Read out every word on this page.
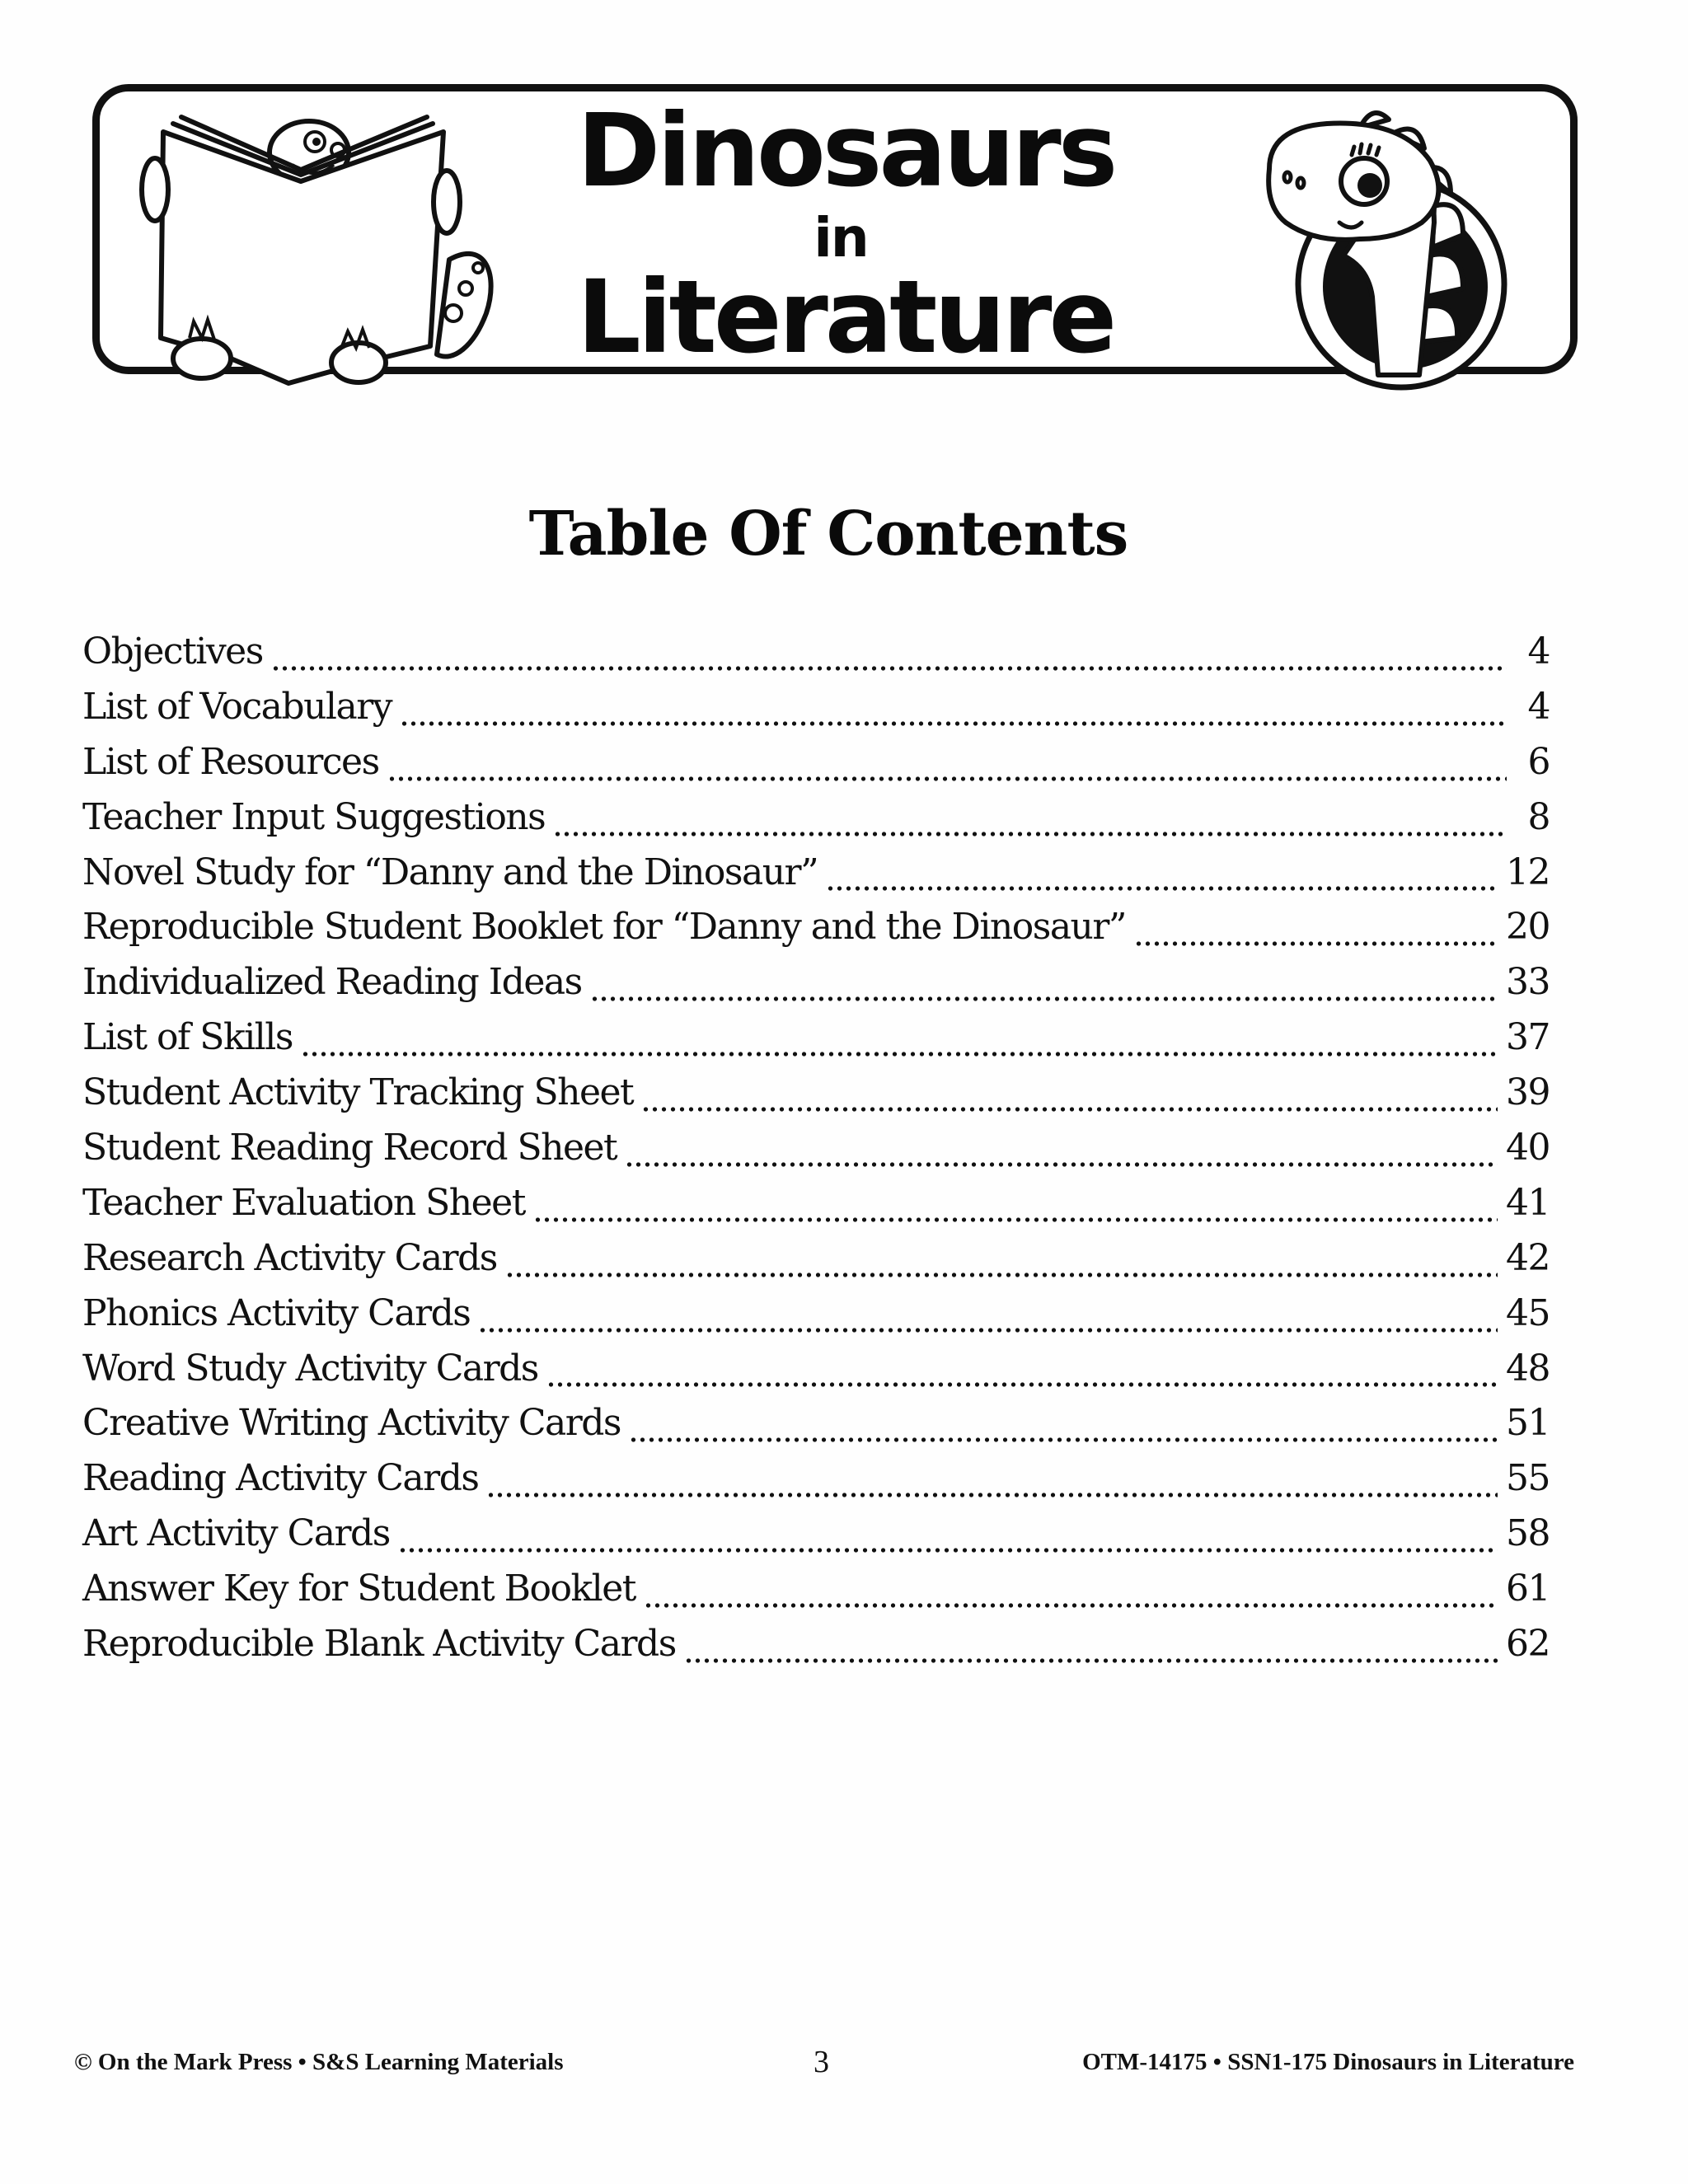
Dinosaurs
in
Literature
Table Of Contents
Objectives	4
List of Vocabulary	4
List of Resources	6
Teacher Input Suggestions	8
Novel Study for “Danny and the Dinosaur”	12
Reproducible Student Booklet for “Danny and the Dinosaur”	20
Individualized Reading Ideas	33
List of Skills	37
Student Activity Tracking Sheet	39
Student Reading Record Sheet	40
Teacher Evaluation Sheet	41
Research Activity Cards	42
Phonics Activity Cards	45
Word Study Activity Cards	48
Creative Writing Activity Cards	51
Reading Activity Cards	55
Art Activity Cards	58
Answer Key for Student Booklet	61
Reproducible Blank Activity Cards	62
© On the Mark Press • S&S Learning Materials	3	OTM-14175 • SSN1-175 Dinosaurs in Literature
